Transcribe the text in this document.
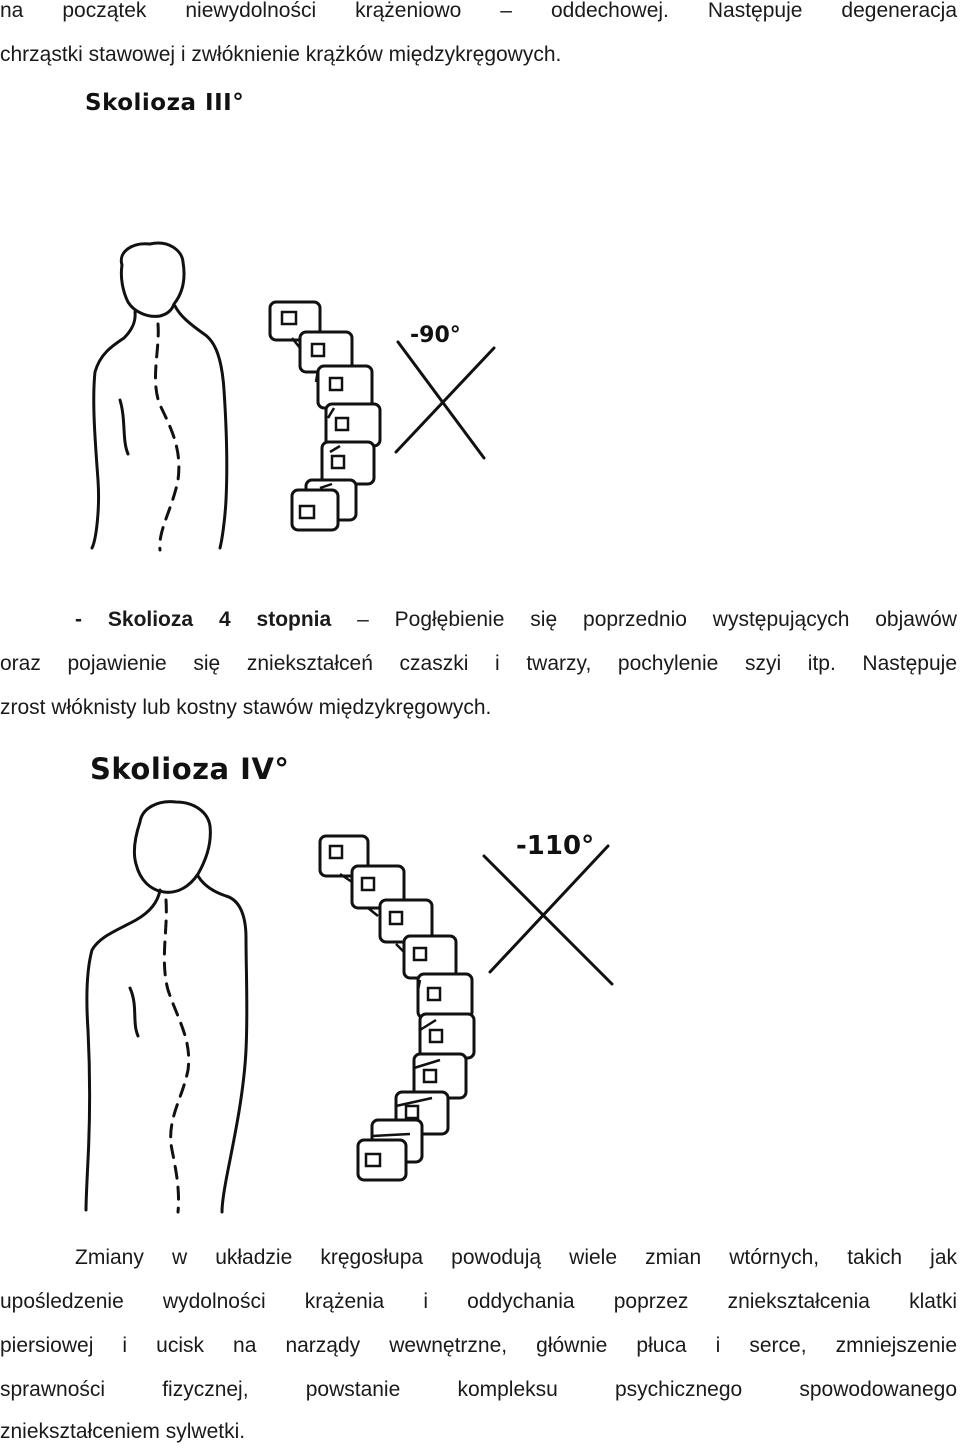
na początek niewydolności krążeniowo – oddechowej. Następuje degeneracja
chrząstki stawowej i zwłóknienie krążków międzykręgowych.
Skolioza III°
-90°
- Skolioza 4 stopnia – Pogłębienie się poprzednio występujących objawów
oraz pojawienie się zniekształceń czaszki i twarzy, pochylenie szyi itp. Następuje
zrost włóknisty lub kostny stawów międzykręgowych.
Skolioza IV°
-110°
Zmiany w układzie kręgosłupa powodują wiele zmian wtórnych, takich jak
upośledzenie wydolności krążenia i oddychania poprzez zniekształcenia klatki
piersiowej i ucisk na narządy wewnętrzne, głównie płuca i serce, zmniejszenie
sprawności fizycznej, powstanie kompleksu psychicznego spowodowanego
zniekształceniem sylwetki.
